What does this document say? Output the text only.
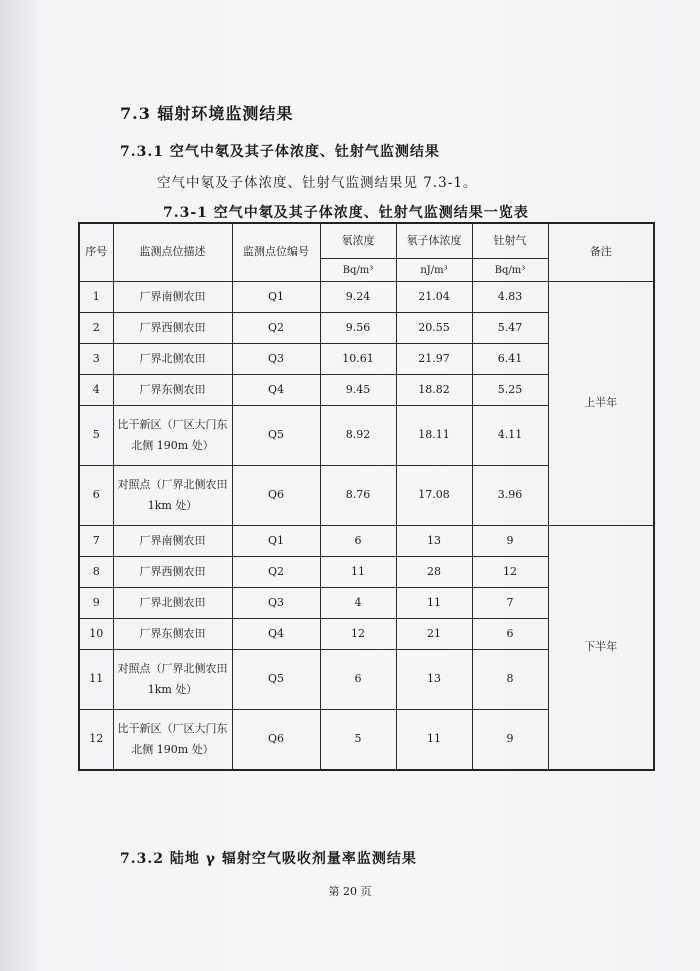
7.3 辐射环境监测结果
7.3.1 空气中氡及其子体浓度、钍射气监测结果
空气中氡及子体浓度、钍射气监测结果见 7.3-1。
7.3-1 空气中氡及其子体浓度、钍射气监测结果一览表
序号	监测点位描述	监测点位编号	氡浓度	氡子体浓度	钍射气	备注
			Bq/m³	nJ/m³	Bq/m³	
1	厂界南侧农田	Q1	9.24	21.04	4.83	上半年
2	厂界西侧农田	Q2	9.56	20.55	5.47	
3	厂界北侧农田	Q3	10.61	21.97	6.41	
4	厂界东侧农田	Q4	9.45	18.82	5.25	
5	比干新区（厂区大门东北侧 190m 处）	Q5	8.92	18.11	4.11	
6	对照点（厂界北侧农田 1km 处）	Q6	8.76	17.08	3.96	
7	厂界南侧农田	Q1	6	13	9	下半年
8	厂界西侧农田	Q2	11	28	12	
9	厂界北侧农田	Q3	4	11	7	
10	厂界东侧农田	Q4	12	21	6	
11	对照点（厂界北侧农田 1km 处）	Q5	6	13	8	
12	比干新区（厂区大门东北侧 190m 处）	Q6	5	11	9	
7.3.2 陆地 γ 辐射空气吸收剂量率监测结果
第 20 页
